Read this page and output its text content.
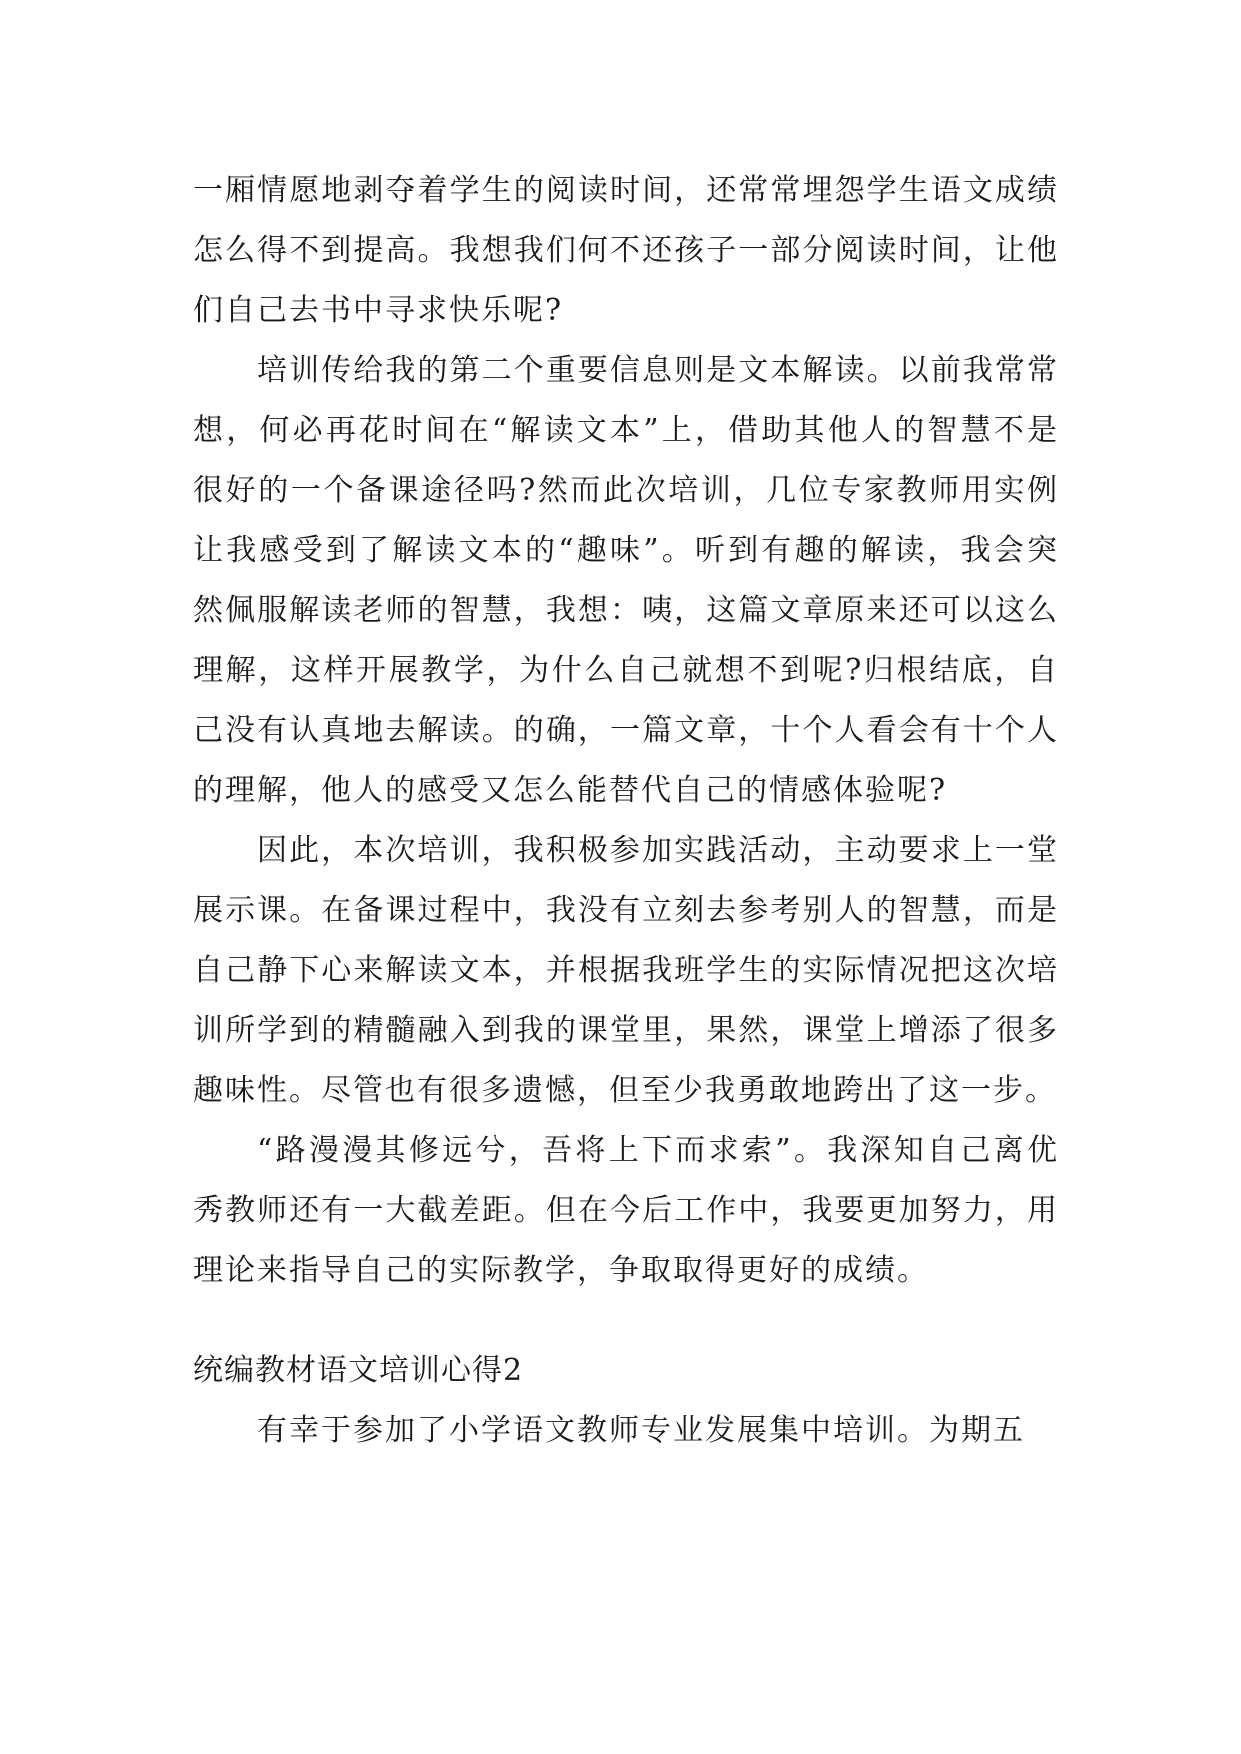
一厢情愿地剥夺着学生的阅读时间，还常常埋怨学生语文成绩怎么得不到提高。我想我们何不还孩子一部分阅读时间，让他们自己去书中寻求快乐呢?

培训传给我的第二个重要信息则是文本解读。以前我常常想，何必再花时间在“解读文本”上，借助其他人的智慧不是很好的一个备课途径吗?然而此次培训，几位专家教师用实例让我感受到了解读文本的“趣味”。听到有趣的解读，我会突然佩服解读老师的智慧，我想：咦，这篇文章原来还可以这么理解，这样开展教学，为什么自己就想不到呢?归根结底，自己没有认真地去解读。的确，一篇文章，十个人看会有十个人的理解，他人的感受又怎么能替代自己的情感体验呢?

因此，本次培训，我积极参加实践活动，主动要求上一堂展示课。在备课过程中，我没有立刻去参考别人的智慧，而是自己静下心来解读文本，并根据我班学生的实际情况把这次培训所学到的精髓融入到我的课堂里，果然，课堂上增添了很多趣味性。尽管也有很多遗憾，但至少我勇敢地跨出了这一步。

“路漫漫其修远兮，吾将上下而求索”。我深知自己离优秀教师还有一大截差距。但在今后工作中，我要更加努力，用理论来指导自己的实际教学，争取取得更好的成绩。

统编教材语文培训心得2

有幸于参加了小学语文教师专业发展集中培训。为期五
